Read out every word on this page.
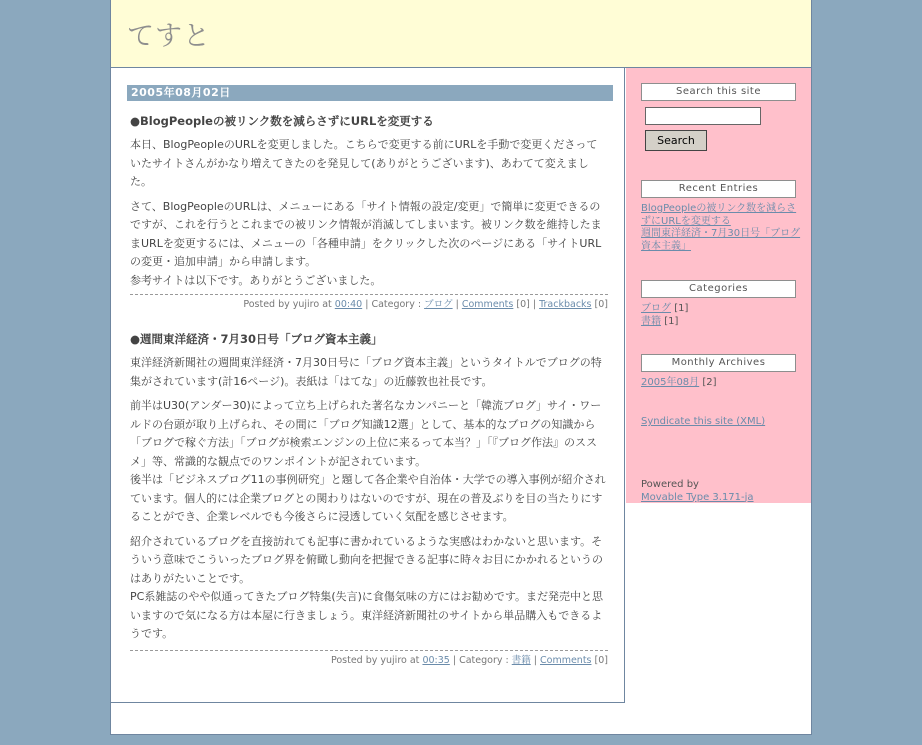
てすと
2005年08月02日
●BlogPeopleの被リンク数を減らさずにURLを変更する

本日、BlogPeopleのURLを変更しました。こちらで変更する前にURLを手動で変更くださっていたサイトさんがかなり増えてきたのを発見して(ありがとうございます)、あわてて変えました。

さて、BlogPeopleのURLは、メニューにある「サイト情報の設定/変更」で簡単に変更できるのですが、これを行うとこれまでの被リンク情報が消滅してしまいます。被リンク数を維持したままURLを変更するには、メニューの「各種申請」をクリックした次のページにある「サイトURLの変更・追加申請」から申請します。
参考サイトは以下です。ありがとうございました。

Posted by yujiro at 00:40 | Category : ブログ | Comments [0] | Trackbacks [0]
●週間東洋経済・7月30日号「ブログ資本主義」

東洋経済新聞社の週間東洋経済・7月30日号に「ブログ資本主義」というタイトルでブログの特集がされています(計16ページ)。表紙は「はてな」の近藤敦也社長です。

前半はU30(アンダー30)によって立ち上げられた著名なカンパニーと「韓流ブログ」サイ・ワールドの台頭が取り上げられ、その間に「ブログ知識12選」として、基本的なブログの知識から「ブログで稼ぐ方法」「ブログが検索エンジンの上位に来るって本当？」「『ブログ作法』のススメ」等、常識的な観点でのワンポイントが記されています。
後半は「ビジネスブログ11の事例研究」と題して各企業や自治体・大学での導入事例が紹介されています。個人的には企業ブログとの関わりはないのですが、現在の普及ぶりを目の当たりにすることができ、企業レベルでも今後さらに浸透していく気配を感じさせます。

紹介されているブログを直接訪れても記事に書かれているような実感はわかないと思います。そういう意味でこういったブログ界を俯瞰し動向を把握できる記事に時々お目にかかれるというのはありがたいことです。
PC系雑誌のやや似通ってきたブログ特集(失言)に食傷気味の方にはお勧めです。まだ発売中と思いますので気になる方は本屋に行きましょう。東洋経済新聞社のサイトから単品購入もできるようです。

Posted by yujiro at 00:35 | Category : 書籍 | Comments [0]
Search this site
Search
Recent Entries
BlogPeopleの被リンク数を減らさずにURLを変更する
週間東洋経済・7月30日号「ブログ資本主義」
Categories
ブログ [1]
書籍 [1]
Monthly Archives
2005年08月 [2]
Syndicate this site (XML)
Powered by
Movable Type 3.171-ja
